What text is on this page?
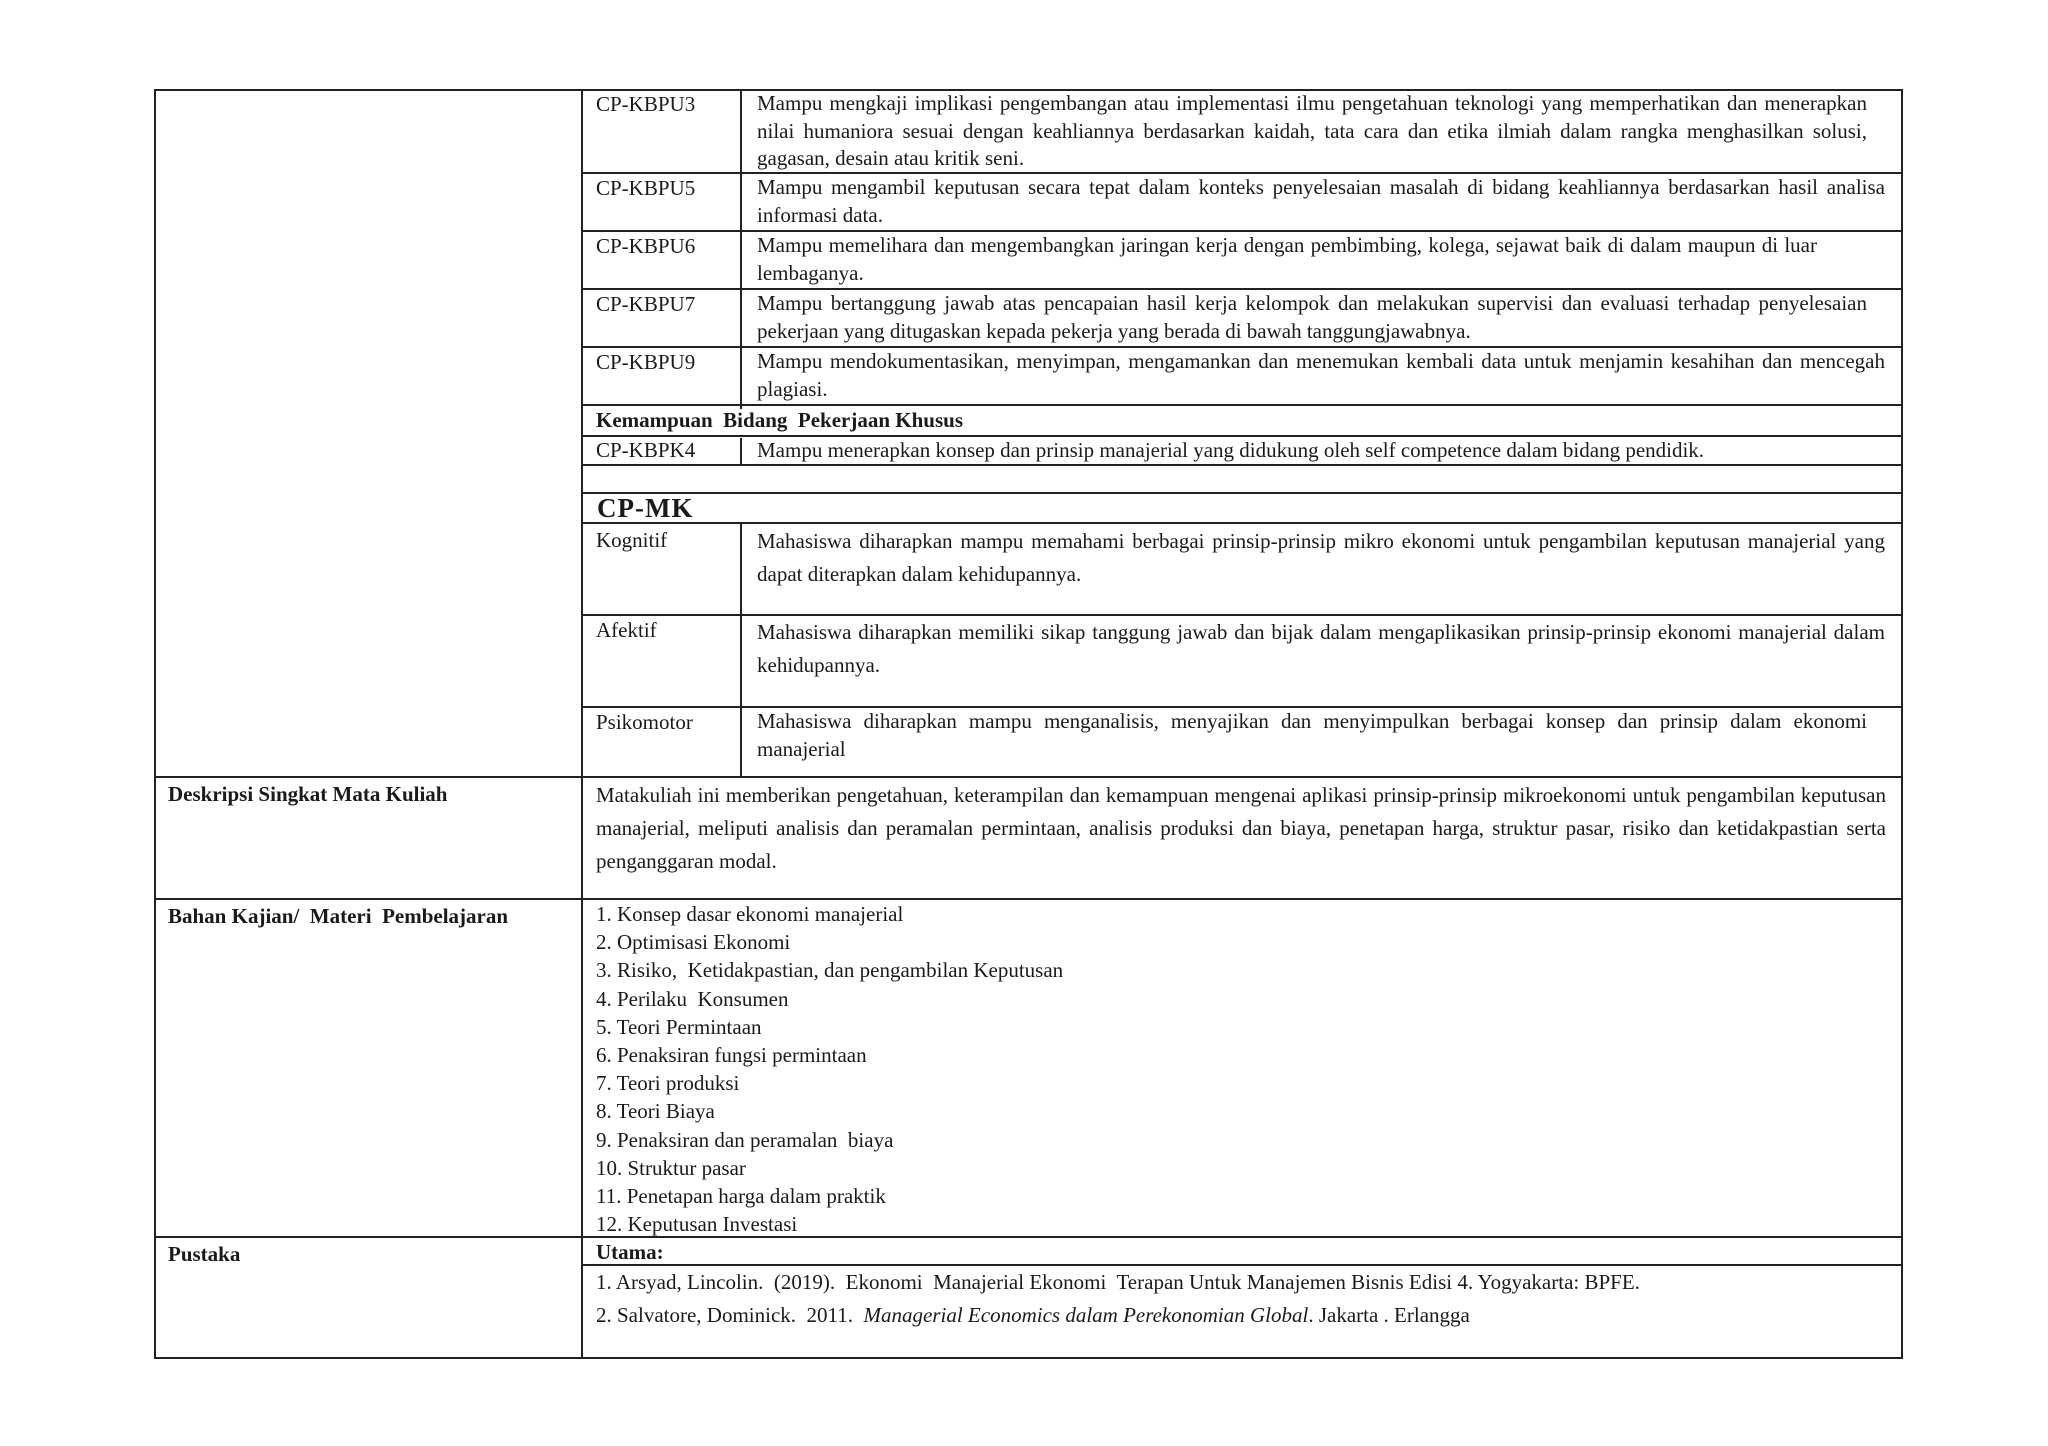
CP-KBPU3	Mampu mengkaji implikasi pengembangan atau implementasi ilmu pengetahuan teknologi yang memperhatikan dan menerapkan nilai humaniora sesuai dengan keahliannya berdasarkan kaidah, tata cara dan etika ilmiah dalam rangka menghasilkan solusi, gagasan, desain atau kritik seni.
CP-KBPU5	Mampu mengambil keputusan secara tepat dalam konteks penyelesaian masalah di bidang keahliannya berdasarkan hasil analisa informasi data.
CP-KBPU6	Mampu memelihara dan mengembangkan jaringan kerja dengan pembimbing, kolega, sejawat baik di dalam maupun di luar lembaganya.
CP-KBPU7	Mampu bertanggung jawab atas pencapaian hasil kerja kelompok dan melakukan supervisi dan evaluasi terhadap penyelesaian pekerjaan yang ditugaskan kepada pekerja yang berada di bawah tanggungjawabnya.
CP-KBPU9	Mampu mendokumentasikan, menyimpan, mengamankan dan menemukan kembali data untuk menjamin kesahihan dan mencegah plagiasi.
Kemampuan  Bidang  Pekerjaan Khusus
CP-KBPK4	Mampu menerapkan konsep dan prinsip manajerial yang didukung oleh self competence dalam bidang pendidik.
CP-MK
Kognitif	Mahasiswa diharapkan mampu memahami berbagai prinsip-prinsip mikro ekonomi untuk pengambilan keputusan manajerial yang dapat diterapkan dalam kehidupannya.
Afektif	Mahasiswa diharapkan memiliki sikap tanggung jawab dan bijak dalam mengaplikasikan prinsip-prinsip ekonomi manajerial dalam kehidupannya.
Psikomotor	Mahasiswa diharapkan mampu menganalisis, menyajikan dan menyimpulkan berbagai konsep dan prinsip dalam ekonomi manajerial
Deskripsi Singkat Mata Kuliah	Matakuliah ini memberikan pengetahuan, keterampilan dan kemampuan mengenai aplikasi prinsip-prinsip mikroekonomi untuk pengambilan keputusan manajerial, meliputi analisis dan peramalan permintaan, analisis produksi dan biaya, penetapan harga, struktur pasar, risiko dan ketidakpastian serta penganggaran modal.
Bahan Kajian/  Materi  Pembelajaran	1. Konsep dasar ekonomi manajerial
2. Optimisasi Ekonomi
3. Risiko,  Ketidakpastian, dan pengambilan Keputusan
4. Perilaku  Konsumen
5. Teori Permintaan
6. Penaksiran fungsi permintaan
7. Teori produksi
8. Teori Biaya
9. Penaksiran dan peramalan  biaya
10. Struktur pasar
11. Penetapan harga dalam praktik
12. Keputusan Investasi
Pustaka	Utama:
1. Arsyad, Lincolin.  (2019).  Ekonomi  Manajerial Ekonomi  Terapan Untuk Manajemen Bisnis Edisi 4. Yogyakarta: BPFE.
2. Salvatore, Dominick.  2011.  Managerial Economics dalam Perekonomian Global. Jakarta . Erlangga
